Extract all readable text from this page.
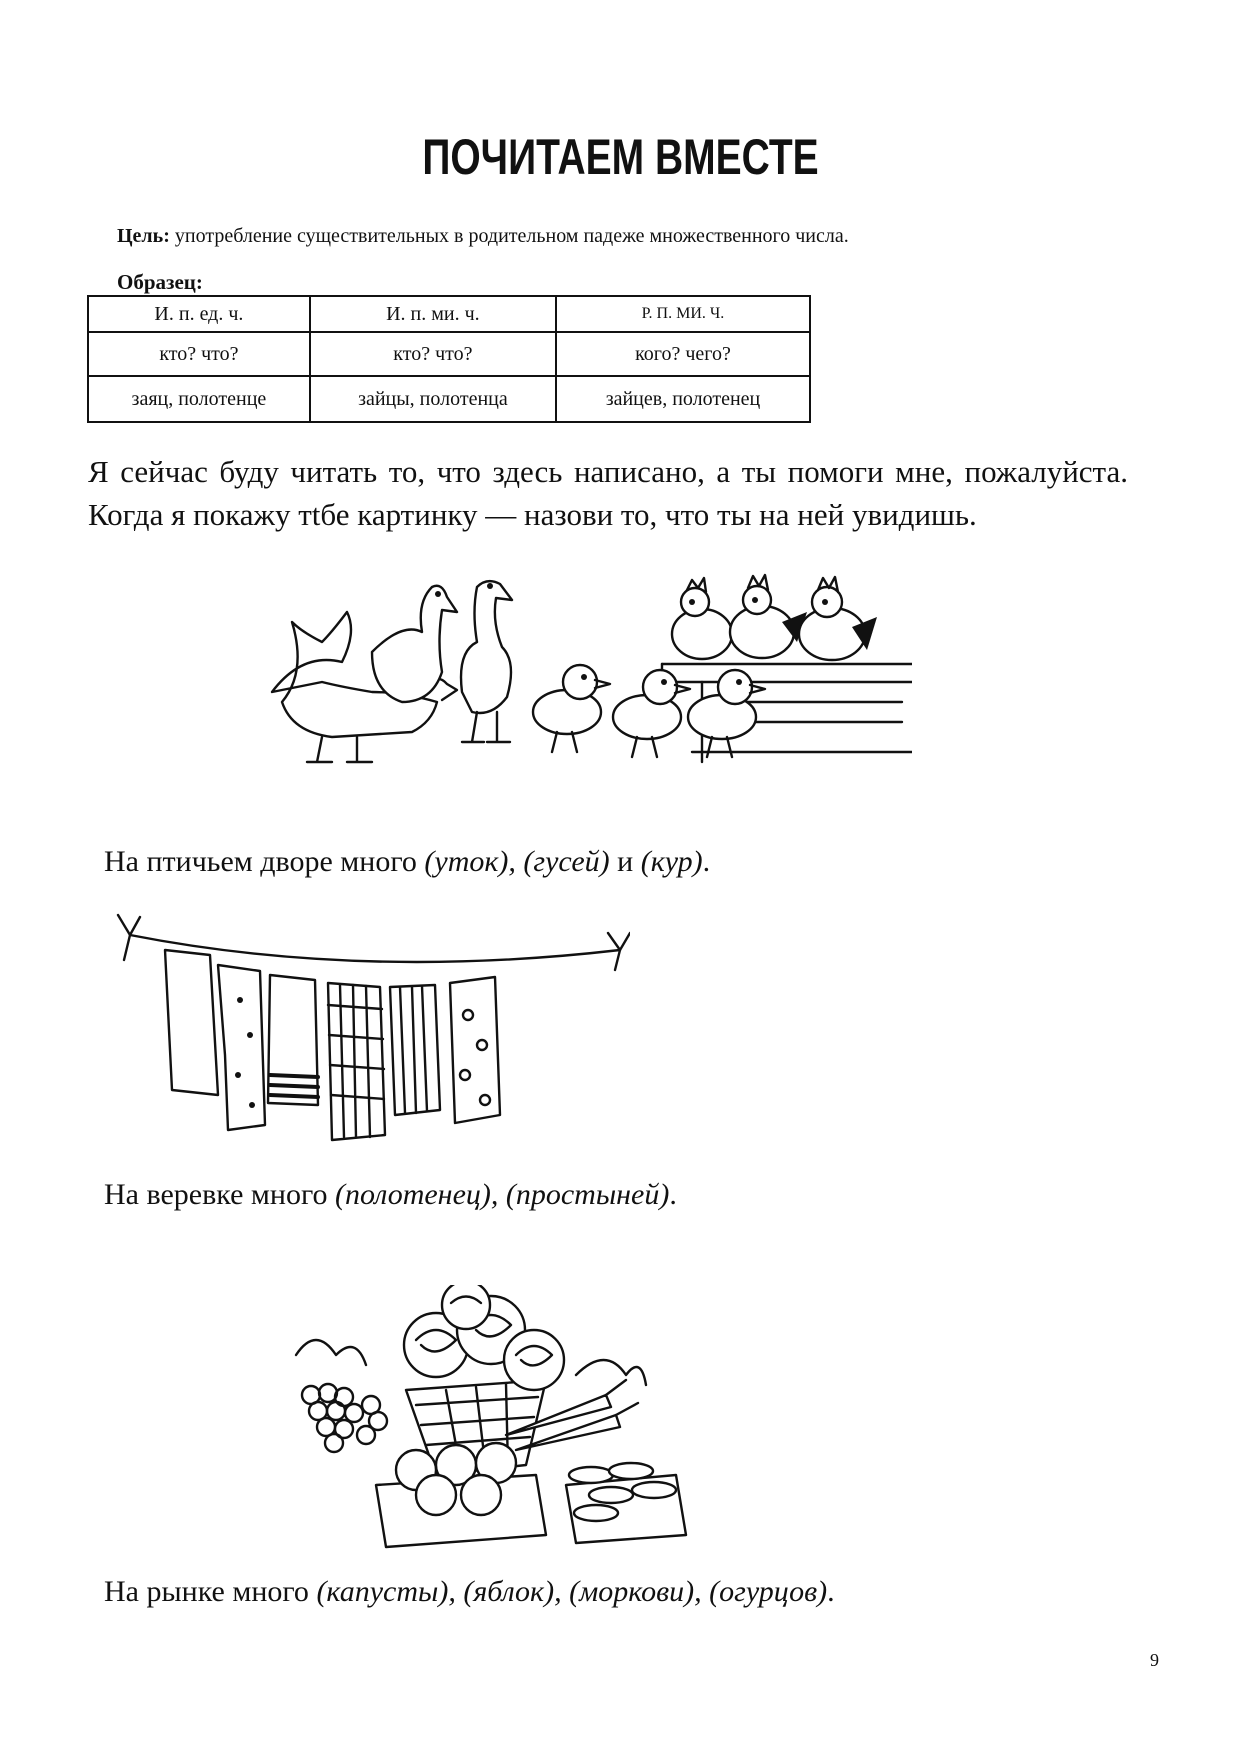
ПОЧИТАЕМ ВМЕСТЕ
Цель: употребление существительных в родительном падеже множественного числа.
Образец:
И. п. ед. ч.	И. п. ми. ч.	Р. П. МИ. Ч.
кто? что?	кто? что?	кого? чего?
заяц, полотенце	зайцы, полотенца	зайцев, полотенец
Я сейчас буду читать то, что здесь написано, а ты помоги мне, пожалуйста. Когда я покажу тtбе картинку — назови то, что ты на ней увидишь.
На птичьем дворе много (уток), (гусей) и (кур).
На веревке много (полотенец), (простыней).
На рынке много (капусты), (яблок), (моркови), (огурцов).
9
